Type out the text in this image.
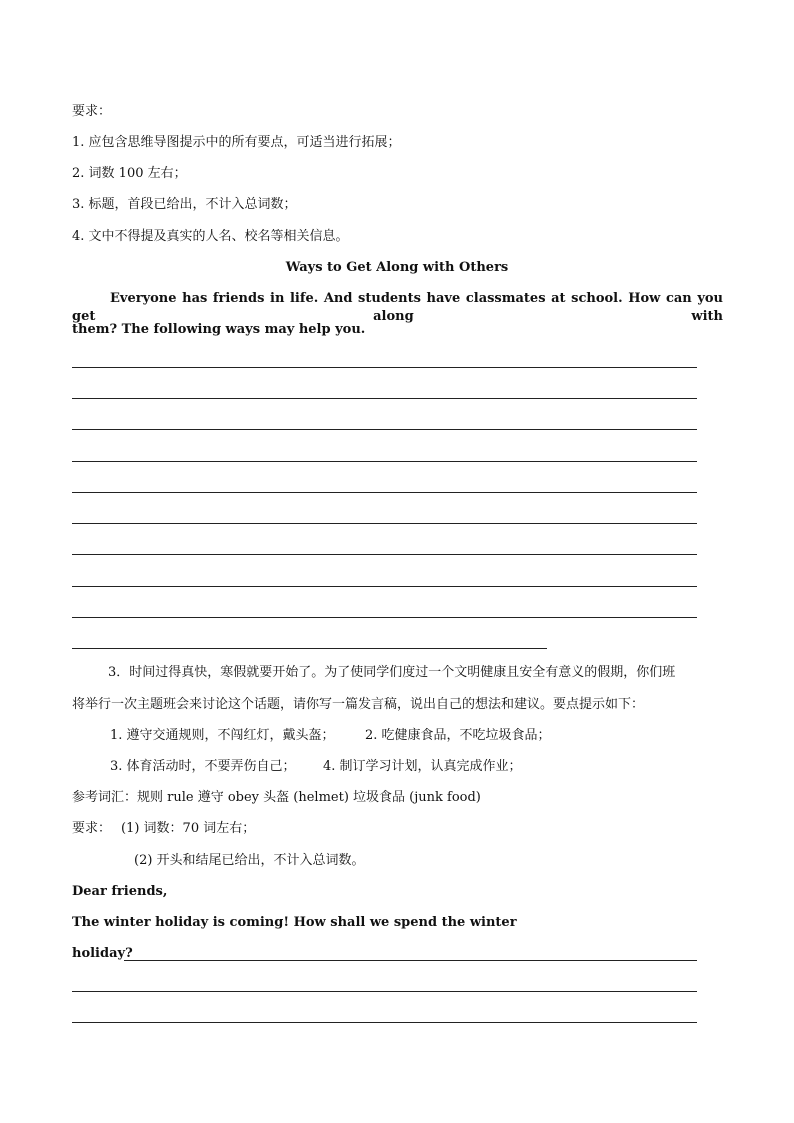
要求：
1. 应包含思维导图提示中的所有要点，可适当进行拓展；
2. 词数 100 左右；
3. 标题，首段已给出，不计入总词数；
4. 文中不得提及真实的人名、校名等相关信息。
Ways to Get Along with Others
Everyone has friends in life. And students have classmates at school. How can you get along with
them? The following ways may help you.
3．时间过得真快，寒假就要开始了。为了使同学们度过一个文明健康且安全有意义的假期，你们班
将举行一次主题班会来讨论这个话题，请你写一篇发言稿，说出自己的想法和建议。要点提示如下：
1. 遵守交通规则，不闯红灯，戴头盔； 2. 吃健康食品，不吃垃圾食品；
3. 体育活动时，不要弄伤自己； 4. 制订学习计划，认真完成作业；
参考词汇：规则 rule 遵守 obey 头盔 (helmet) 垃圾食品 (junk food)
要求： (1) 词数：70 词左右；
(2) 开头和结尾已给出，不计入总词数。
Dear friends,
The winter holiday is coming! How shall we spend the winter
holiday?
